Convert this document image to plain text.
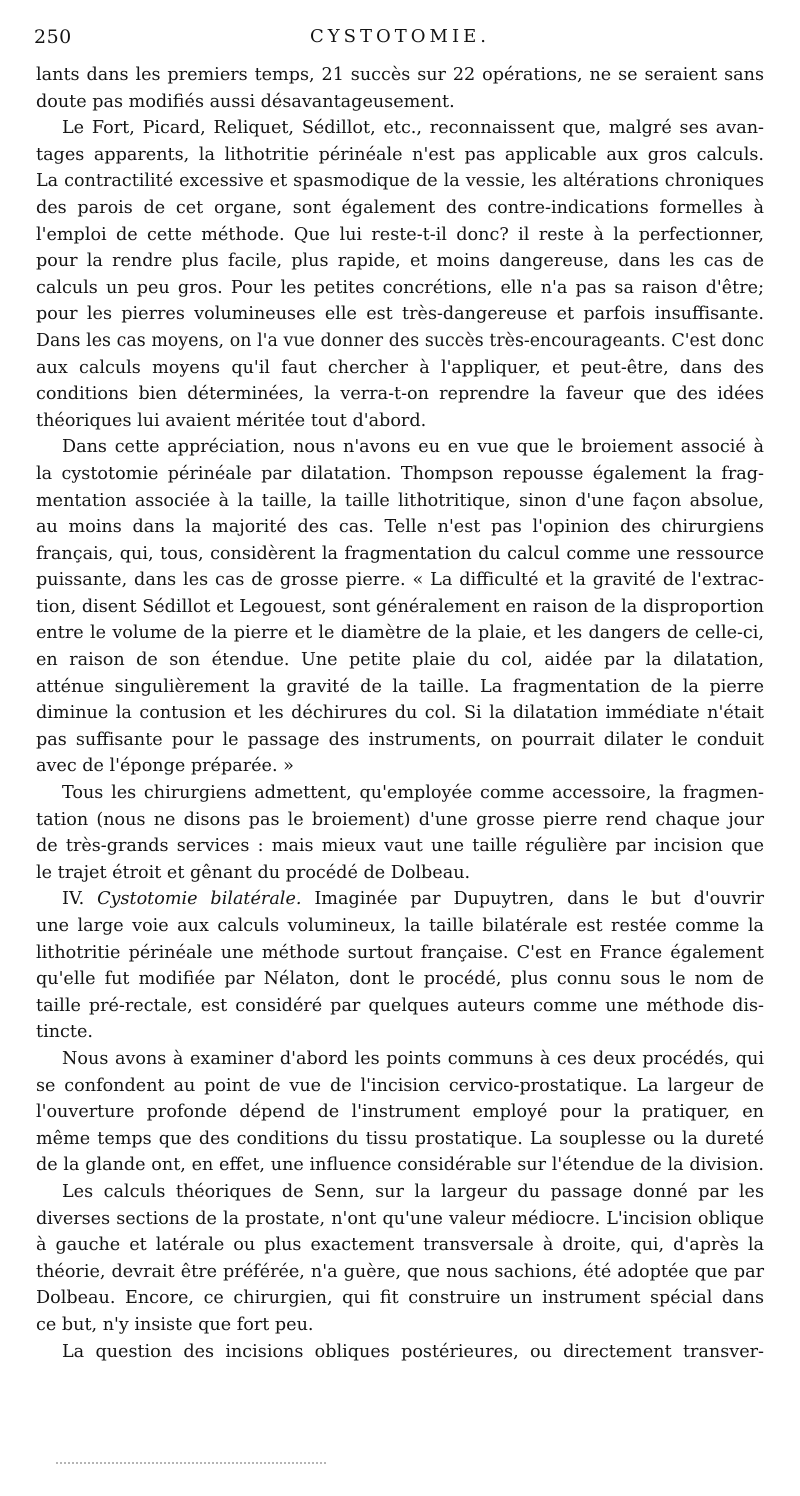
250	CYSTOTOMIE.
lants dans les premiers temps, 21 succès sur 22 opérations, ne se seraient sans
doute pas modifiés aussi désavantageusement.
Le Fort, Picard, Reliquet, Sédillot, etc., reconnaissent que, malgré ses avan-
tages apparents, la lithotritie périnéale n'est pas applicable aux gros calculs.
La contractilité excessive et spasmodique de la vessie, les altérations chroniques
des parois de cet organe, sont également des contre-indications formelles à
l'emploi de cette méthode. Que lui reste-t-il donc? il reste à la perfectionner,
pour la rendre plus facile, plus rapide, et moins dangereuse, dans les cas de
calculs un peu gros. Pour les petites concrétions, elle n'a pas sa raison d'être;
pour les pierres volumineuses elle est très-dangereuse et parfois insuffisante.
Dans les cas moyens, on l'a vue donner des succès très-encourageants. C'est donc
aux calculs moyens qu'il faut chercher à l'appliquer, et peut-être, dans des
conditions bien déterminées, la verra-t-on reprendre la faveur que des idées
théoriques lui avaient méritée tout d'abord.
Dans cette appréciation, nous n'avons eu en vue que le broiement associé à
la cystotomie périnéale par dilatation. Thompson repousse également la frag-
mentation associée à la taille, la taille lithotritique, sinon d'une façon absolue,
au moins dans la majorité des cas. Telle n'est pas l'opinion des chirurgiens
français, qui, tous, considèrent la fragmentation du calcul comme une ressource
puissante, dans les cas de grosse pierre. « La difficulté et la gravité de l'extrac-
tion, disent Sédillot et Legouest, sont généralement en raison de la disproportion
entre le volume de la pierre et le diamètre de la plaie, et les dangers de celle-ci,
en raison de son étendue. Une petite plaie du col, aidée par la dilatation,
atténue singulièrement la gravité de la taille. La fragmentation de la pierre
diminue la contusion et les déchirures du col. Si la dilatation immédiate n'était
pas suffisante pour le passage des instruments, on pourrait dilater le conduit
avec de l'éponge préparée. »
Tous les chirurgiens admettent, qu'employée comme accessoire, la fragmen-
tation (nous ne disons pas le broiement) d'une grosse pierre rend chaque jour
de très-grands services : mais mieux vaut une taille régulière par incision que
le trajet étroit et gênant du procédé de Dolbeau.
IV. Cystotomie bilatérale. Imaginée par Dupuytren, dans le but d'ouvrir
une large voie aux calculs volumineux, la taille bilatérale est restée comme la
lithotritie périnéale une méthode surtout française. C'est en France également
qu'elle fut modifiée par Nélaton, dont le procédé, plus connu sous le nom de
taille pré-rectale, est considéré par quelques auteurs comme une méthode dis-
tincte.
Nous avons à examiner d'abord les points communs à ces deux procédés, qui
se confondent au point de vue de l'incision cervico-prostatique. La largeur de
l'ouverture profonde dépend de l'instrument employé pour la pratiquer, en
même temps que des conditions du tissu prostatique. La souplesse ou la dureté
de la glande ont, en effet, une influence considérable sur l'étendue de la division.
Les calculs théoriques de Senn, sur la largeur du passage donné par les
diverses sections de la prostate, n'ont qu'une valeur médiocre. L'incision oblique
à gauche et latérale ou plus exactement transversale à droite, qui, d'après la
théorie, devrait être préférée, n'a guère, que nous sachions, été adoptée que par
Dolbeau. Encore, ce chirurgien, qui fit construire un instrument spécial dans
ce but, n'y insiste que fort peu.
La question des incisions obliques postérieures, ou directement transver-
